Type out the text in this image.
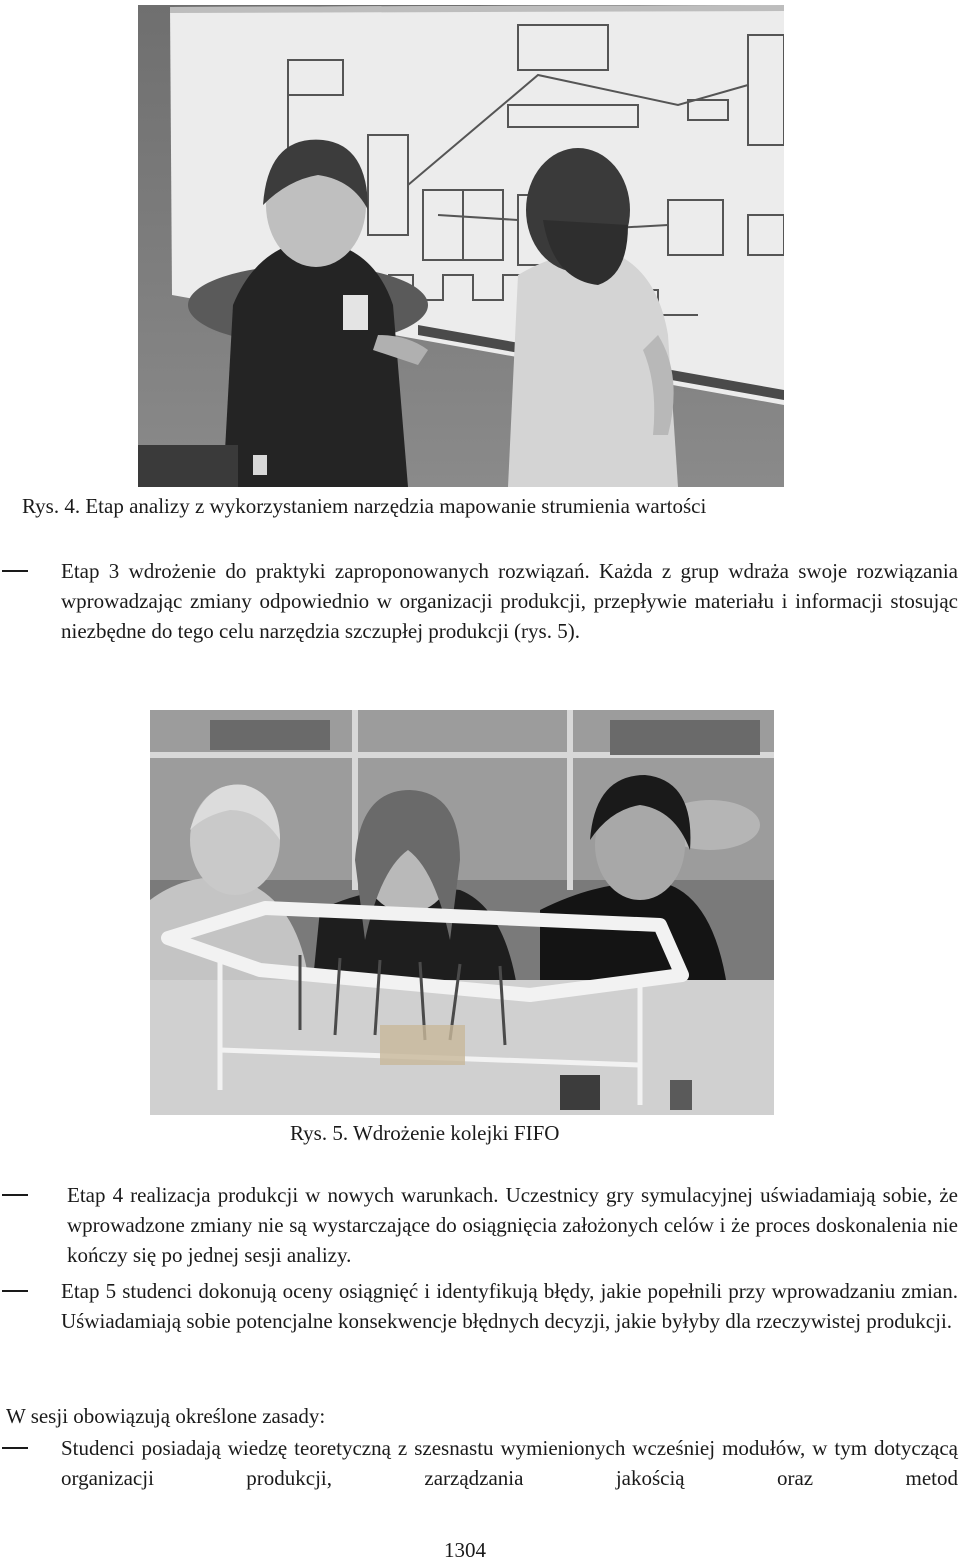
Rys. 4. Etap analizy z wykorzystaniem narzędzia mapowanie strumienia wartości
Etap 3 wdrożenie do praktyki zaproponowanych rozwiązań. Każda z grup wdraża swoje rozwiązania wprowadzając zmiany odpowiednio w organizacji produkcji, przepływie materiału i informacji stosując niezbędne do tego celu narzędzia szczupłej produkcji (rys. 5).
Rys. 5. Wdrożenie kolejki FIFO
Etap 4 realizacja produkcji w nowych warunkach. Uczestnicy gry symulacyjnej uświadamiają sobie, że wprowadzone zmiany nie są wystarczające do osiągnięcia założonych celów i że proces doskonalenia nie kończy się po jednej sesji analizy.
Etap 5 studenci dokonują oceny osiągnięć i identyfikują błędy, jakie popełnili przy wprowadzaniu zmian. Uświadamiają sobie potencjalne konsekwencje błędnych decyzji, jakie byłyby dla rzeczywistej produkcji.
W sesji obowiązują określone zasady:
Studenci posiadają wiedzę teoretyczną z szesnastu wymienionych wcześniej modułów, w tym dotyczącą organizacji produkcji, zarządzania jakością oraz metod
1304
